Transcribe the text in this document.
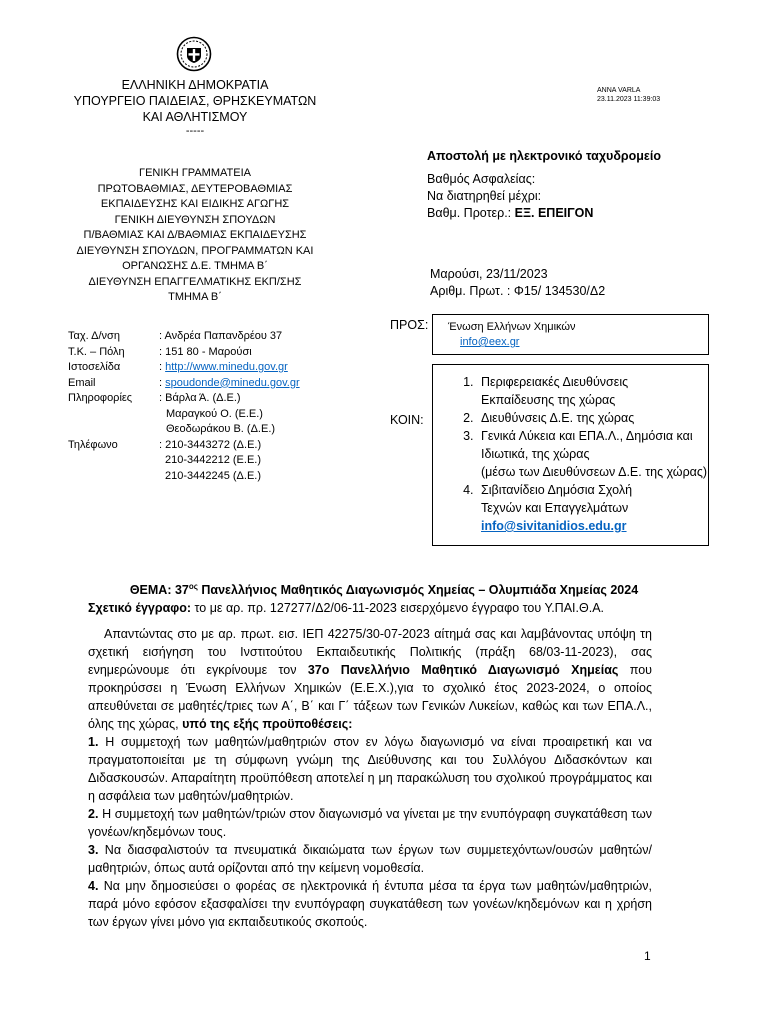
ΕΛΛΗΝΙΚΗ ΔΗΜΟΚΡΑΤΙΑ
ΥΠΟΥΡΓΕΙΟ ΠΑΙΔΕΙΑΣ, ΘΡΗΣΚΕΥΜΑΤΩΝ
ΚΑΙ ΑΘΛΗΤΙΣΜΟΥ
-----
ANNA VARLA
23.11.2023 11:39:03
ΓΕΝΙΚΗ ΓΡΑΜΜΑΤΕΙΑ
ΠΡΩΤΟΒΑΘΜΙΑΣ, ΔΕΥΤΕΡΟΒΑΘΜΙΑΣ
ΕΚΠΑΙΔΕΥΣΗΣ ΚΑΙ ΕΙΔΙΚΗΣ ΑΓΩΓΗΣ
ΓΕΝΙΚΗ ΔΙΕΥΘΥΝΣΗ ΣΠΟΥΔΩΝ
Π/ΒΑΘΜΙΑΣ ΚΑΙ Δ/ΒΑΘΜΙΑΣ ΕΚΠΑΙΔΕΥΣΗΣ
ΔΙΕΥΘΥΝΣΗ ΣΠΟΥΔΩΝ, ΠΡΟΓΡΑΜΜΑΤΩΝ ΚΑΙ
ΟΡΓΑΝΩΣΗΣ Δ.Ε. ΤΜΗΜΑ Β΄
ΔΙΕΥΘΥΝΣΗ ΕΠΑΓΓΕΛΜΑΤΙΚΗΣ ΕΚΠ/ΣΗΣ
ΤΜΗΜΑ Β΄
Αποστολή με ηλεκτρονικό ταχυδρομείο
Βαθμός Ασφαλείας:
Να διατηρηθεί μέχρι:
Βαθμ. Προτερ.: ΕΞ. ΕΠΕΙΓΟΝ
Μαρούσι, 23/11/2023
Αριθμ. Πρωτ. : Φ15/ 134530/Δ2
Ταχ. Δ/νση
Τ.Κ. – Πόλη
Ιστοσελίδα
Email
Πληροφορίες

Τηλέφωνο
: Ανδρέα Παπανδρέου 37
: 151 80 - Μαρούσι
: http://www.minedu.gov.gr
: spoudonde@minedu.gov.gr
: Βάρλα Ά. (Δ.Ε.)
Μαραγκού Ο. (Ε.Ε.)
Θεοδωράκου Β. (Δ.Ε.)
: 210-3443272 (Δ.Ε.)
210-3442212 (Ε.Ε.)
210-3442245 (Δ.Ε.)
ΠΡΟΣ:	Ένωση Ελλήνων Χημικών
info@eex.gr
ΚΟΙΝ:
1. Περιφερειακές Διευθύνσεις
Εκπαίδευσης της χώρας
2. Διευθύνσεις Δ.Ε. της χώρας
3. Γενικά Λύκεια και ΕΠΑ.Λ., Δημόσια και
Ιδιωτικά, της χώρας
(μέσω των Διευθύνσεων Δ.Ε. της χώρας)
4. Σιβιτανίδειο Δημόσια Σχολή
Τεχνών και Επαγγελμάτων
info@sivitanidios.edu.gr
ΘΕΜΑ: $37^{o\varsigma}$ Πανελλήνιος Μαθητικός Διαγωνισμός Χημείας – Ολυμπιάδα Χημείας 2024
Σχετικό έγγραφο: το με αρ. πρ. 127277/Δ2/06-11-2023 εισερχόμενο έγγραφο του Υ.ΠΑΙ.Θ.Α.

Απαντώντας στο με αρ. πρωτ. εισ. ΙΕΠ 42275/30-07-2023 αίτημά σας και λαμβάνοντας υπόψη τη σχετική εισήγηση του Ινστιτούτου Εκπαιδευτικής Πολιτικής (πράξη 68/03-11-2023), σας ενημερώνουμε ότι εγκρίνουμε τον 37ο Πανελλήνιο Μαθητικό Διαγωνισμό Χημείας που προκηρύσσει η Ένωση Ελλήνων Χημικών (Ε.Ε.Χ.),για το σχολικό έτος 2023-2024, ο οποίος απευθύνεται σε μαθητές/τριες των Α΄, Β΄ και Γ΄ τάξεων των Γενικών Λυκείων, καθώς και των ΕΠΑ.Λ., όλης της χώρας, υπό της εξής προϋποθέσεις:

1. Η συμμετοχή των μαθητών/μαθητριών στον εν λόγω διαγωνισμό να είναι προαιρετική και να πραγματοποιείται με τη σύμφωνη γνώμη της Διεύθυνσης και του Συλλόγου Διδασκόντων και Διδασκουσών. Απαραίτητη προϋπόθεση αποτελεί η μη παρακώλυση του σχολικού προγράμματος και η ασφάλεια των μαθητών/μαθητριών.

2. Η συμμετοχή των μαθητών/τριών στον διαγωνισμό να γίνεται με την ενυπόγραφη συγκατάθεση των γονέων/κηδεμόνων τους.

3. Να διασφαλιστούν τα πνευματικά δικαιώματα των έργων των συμμετεχόντων/ουσών μαθητών/μαθητριών, όπως αυτά ορίζονται από την κείμενη νομοθεσία.

4. Να μην δημοσιεύσει ο φορέας σε ηλεκτρονικά ή έντυπα μέσα τα έργα των μαθητών/μαθητριών, παρά μόνο εφόσον εξασφαλίσει την ενυπόγραφη συγκατάθεση των γονέων/κηδεμόνων και η χρήση των έργων γίνει μόνο για εκπαιδευτικούς σκοπούς.

1
